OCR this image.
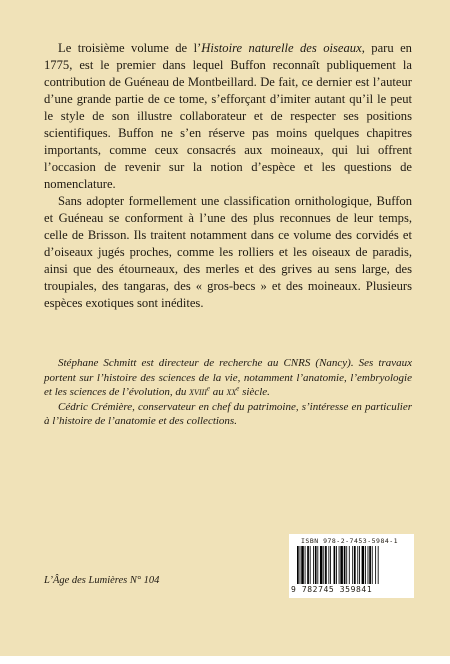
Le troisième volume de l’Histoire naturelle des oiseaux, paru en 1775, est le premier dans lequel Buffon reconnaît publiquement la contribution de Guéneau de Montbeillard. De fait, ce dernier est l’auteur d’une grande partie de ce tome, s’efforçant d’imiter autant qu’il le peut le style de son illustre collaborateur et de respecter ses positions scientifiques. Buffon ne s’en réserve pas moins quelques chapitres importants, comme ceux consacrés aux moineaux, qui lui offrent l’occasion de revenir sur la notion d’espèce et les questions de nomenclature.

Sans adopter formellement une classification ornithologique, Buffon et Guéneau se conforment à l’une des plus reconnues de leur temps, celle de Brisson. Ils traitent notamment dans ce volume des corvidés et d’oiseaux jugés proches, comme les rolliers et les oiseaux de paradis, ainsi que des étourneaux, des merles et des grives au sens large, des troupiales, des tangaras, des « gros-becs » et des moineaux. Plusieurs espèces exotiques sont inédites.

Stéphane Schmitt est directeur de recherche au CNRS (Nancy). Ses travaux portent sur l’histoire des sciences de la vie, notamment l’anatomie, l’embryologie et les sciences de l’évolution, du xviii$^e$ au $xx^e$ siècle.

Cédric Crémière, conservateur en chef du patrimoine, s’intéresse en particulier à l’histoire de l’anatomie et des collections.

L’Âge des Lumières N° 104
ISBN 978-2-7453-5984-1
9 782745 359841
